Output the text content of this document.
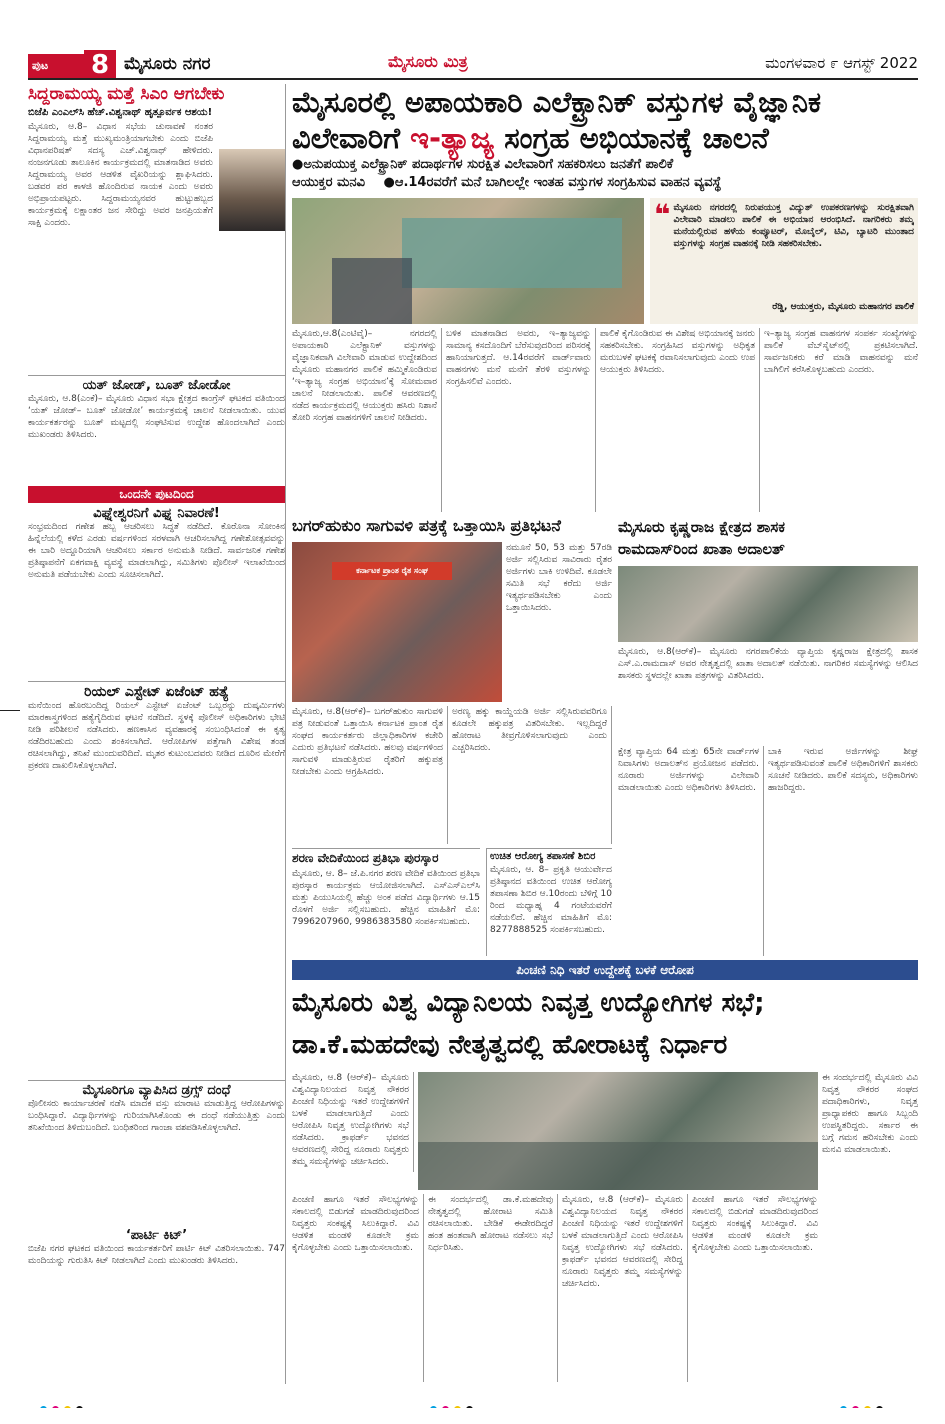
ಪುಟ	8 ಮೈಸೂರು ನಗರ	ಮೈಸೂರು ಮಿತ್ರ	ಮಂಗಳವಾರ ೯ ಆಗಸ್ಟ್ 2022
ಸಿದ್ದರಾಮಯ್ಯ ಮತ್ತೆ ಸಿಎಂ ಆಗಬೇಕು
ಬಿಜೆಪಿ ಎಂಎಲ್‌ಸಿ ಹೆಚ್.ವಿಶ್ವನಾಥ್ ಹೃತ್ಪೂರ್ವಕ ಆಶಯ!
ಮೈಸೂರು, ಆ.8– ವಿಧಾನ ಸಭೆಯ ಚುನಾವಣೆ ನಂತರ ಸಿದ್ದರಾಮಯ್ಯ ಮತ್ತೆ ಮುಖ್ಯಮಂತ್ರಿಯಾಗಬೇಕು ಎಂದು ಬಿಜೆಪಿ ವಿಧಾನಪರಿಷತ್ ಸದಸ್ಯ ಎಚ್.ವಿಶ್ವನಾಥ್ ಹೇಳಿದರು. ನಂಜನಗೂಡು ತಾಲೂಕಿನ ಕಾರ್ಯಕ್ರಮದಲ್ಲಿ ಮಾತನಾಡಿದ ಅವರು ಸಿದ್ದರಾಮಯ್ಯ ಅವರ ಆಡಳಿತ ವೈಖರಿಯನ್ನು ಶ್ಲಾಘಿಸಿದರು. ಬಡವರ ಪರ ಕಾಳಜಿ ಹೊಂದಿರುವ ನಾಯಕ ಎಂದು ಅವರು ಅಭಿಪ್ರಾಯಪಟ್ಟರು. ಸಿದ್ದರಾಮಯ್ಯನವರ ಹುಟ್ಟುಹಬ್ಬದ ಕಾರ್ಯಕ್ರಮಕ್ಕೆ ಲಕ್ಷಾಂತರ ಜನ ಸೇರಿದ್ದು ಅವರ ಜನಪ್ರಿಯತೆಗೆ ಸಾಕ್ಷಿ ಎಂದರು.
ಯತ್ ಜೋಡ್, ಬೂತ್ ಜೋಡೋ
ಮೈಸೂರು, ಆ.8(ಎಂಕೆ)– ಮೈಸೂರು ವಿಧಾನ ಸಭಾ ಕ್ಷೇತ್ರದ ಕಾಂಗ್ರೆಸ್ ಘಟಕದ ವತಿಯಿಂದ ‘ಯತ್ ಜೋಡ್– ಬೂತ್ ಜೋಡೋ’ ಕಾರ್ಯಕ್ರಮಕ್ಕೆ ಚಾಲನೆ ನೀಡಲಾಯಿತು. ಯುವ ಕಾರ್ಯಕರ್ತರನ್ನು ಬೂತ್ ಮಟ್ಟದಲ್ಲಿ ಸಂಘಟಿಸುವ ಉದ್ದೇಶ ಹೊಂದಲಾಗಿದೆ ಎಂದು ಮುಖಂಡರು ತಿಳಿಸಿದರು.
ಒಂದನೇ ಪುಟದಿಂದ
ವಿಘ್ನೇಶ್ವರನಿಗೆ ವಿಘ್ನ ನಿವಾರಣೆ!
ಸಂಭ್ರಮದಿಂದ ಗಣೇಶ ಹಬ್ಬ ಆಚರಿಸಲು ಸಿದ್ಧತೆ ನಡೆದಿದೆ. ಕೊರೊನಾ ಸೋಂಕಿನ ಹಿನ್ನೆಲೆಯಲ್ಲಿ ಕಳೆದ ಎರಡು ವರ್ಷಗಳಿಂದ ಸರಳವಾಗಿ ಆಚರಿಸಲಾಗಿದ್ದ ಗಣೇಶೋತ್ಸವವನ್ನು ಈ ಬಾರಿ ಅದ್ದೂರಿಯಾಗಿ ಆಚರಿಸಲು ಸರ್ಕಾರ ಅನುಮತಿ ನೀಡಿದೆ. ಸಾರ್ವಜನಿಕ ಗಣೇಶ ಪ್ರತಿಷ್ಠಾಪನೆಗೆ ಏಕಗವಾಕ್ಷಿ ವ್ಯವಸ್ಥೆ ಮಾಡಲಾಗಿದ್ದು, ಸಮಿತಿಗಳು ಪೊಲೀಸ್ ಇಲಾಖೆಯಿಂದ ಅನುಮತಿ ಪಡೆಯಬೇಕು ಎಂದು ಸೂಚಿಸಲಾಗಿದೆ.
ರಿಯಲ್ ಎಸ್ಟೇಟ್ ಏಜೆಂಟ್ ಹತ್ಯೆ
ಮನೆಯಿಂದ ಹೊರಬಂದಿದ್ದ ರಿಯಲ್ ಎಸ್ಟೇಟ್ ಏಜೆಂಟ್ ಒಬ್ಬರನ್ನು ದುಷ್ಕರ್ಮಿಗಳು ಮಾರಕಾಸ್ತ್ರಗಳಿಂದ ಹತ್ಯೆಗೈದಿರುವ ಘಟನೆ ನಡೆದಿದೆ. ಸ್ಥಳಕ್ಕೆ ಪೊಲೀಸ್ ಅಧಿಕಾರಿಗಳು ಭೇಟಿ ನೀಡಿ ಪರಿಶೀಲನೆ ನಡೆಸಿದರು. ಹಣಕಾಸಿನ ವ್ಯವಹಾರಕ್ಕೆ ಸಂಬಂಧಿಸಿದಂತೆ ಈ ಕೃತ್ಯ ನಡೆದಿರಬಹುದು ಎಂದು ಶಂಕಿಸಲಾಗಿದೆ. ಆರೋಪಿಗಳ ಪತ್ತೆಗಾಗಿ ವಿಶೇಷ ತಂಡ ರಚಿಸಲಾಗಿದ್ದು, ತನಿಖೆ ಮುಂದುವರಿದಿದೆ. ಮೃತರ ಕುಟುಂಬದವರು ನೀಡಿದ ದೂರಿನ ಮೇರೆಗೆ ಪ್ರಕರಣ ದಾಖಲಿಸಿಕೊಳ್ಳಲಾಗಿದೆ.
ಮೈಸೂರಿಗೂ ವ್ಯಾಪಿಸಿದ ಡ್ರಗ್ಸ್ ದಂಧೆ
ಪೊಲೀಸರು ಕಾರ್ಯಾಚರಣೆ ನಡೆಸಿ ಮಾದಕ ವಸ್ತು ಮಾರಾಟ ಮಾಡುತ್ತಿದ್ದ ಆರೋಪಿಗಳನ್ನು ಬಂಧಿಸಿದ್ದಾರೆ. ವಿದ್ಯಾರ್ಥಿಗಳನ್ನು ಗುರಿಯಾಗಿಸಿಕೊಂಡು ಈ ದಂಧೆ ನಡೆಯುತ್ತಿತ್ತು ಎಂದು ತನಿಖೆಯಿಂದ ತಿಳಿದುಬಂದಿದೆ. ಬಂಧಿತರಿಂದ ಗಾಂಜಾ ವಶಪಡಿಸಿಕೊಳ್ಳಲಾಗಿದೆ.
‘ಪಾರ್ಟಿ ಕಿಟ್’
ಬಿಜೆಪಿ ನಗರ ಘಟಕದ ವತಿಯಿಂದ ಕಾರ್ಯಕರ್ತರಿಗೆ ಪಾರ್ಟಿ ಕಿಟ್ ವಿತರಿಸಲಾಯಿತು. 747 ಮಂದಿಯನ್ನು ಗುರುತಿಸಿ ಕಿಟ್ ನೀಡಲಾಗಿದೆ ಎಂದು ಮುಖಂಡರು ತಿಳಿಸಿದರು.
ಮೈಸೂರಲ್ಲಿ ಅಪಾಯಕಾರಿ ಎಲೆಕ್ಟ್ರಾನಿಕ್ ವಸ್ತುಗಳ ವೈಜ್ಞಾನಿಕ
ವಿಲೇವಾರಿಗೆ ಇ-ತ್ಯಾಜ್ಯ ಸಂಗ್ರಹ ಅಭಿಯಾನಕ್ಕೆ ಚಾಲನೆ
●ಅನುಪಯುಕ್ತ ಎಲೆಕ್ಟ್ರಾನಿಕ್ ಪದಾರ್ಥಗಳ ಸುರಕ್ಷಿತ ವಿಲೇವಾರಿಗೆ ಸಹಕರಿಸಲು ಜನತೆಗೆ ಪಾಲಿಕೆ
ಆಯುಕ್ತರ ಮನವಿ ●ಆ.14ರವರೆಗೆ ಮನೆ ಬಾಗಿಲಲ್ಲೇ ಇಂತಹ ವಸ್ತುಗಳ ಸಂಗ್ರಹಿಸುವ ವಾಹನ ವ್ಯವಸ್ಥೆ
❝ ಮೈಸೂರು ನಗರದಲ್ಲಿ ನಿರುಪಯುಕ್ತ ವಿದ್ಯುತ್ ಉಪಕರಣಗಳನ್ನು ಸುರಕ್ಷಿತವಾಗಿ ವಿಲೇವಾರಿ ಮಾಡಲು ಪಾಲಿಕೆ ಈ ಅಭಿಯಾನ ಆರಂಭಿಸಿದೆ. ನಾಗರಿಕರು ತಮ್ಮ ಮನೆಯಲ್ಲಿರುವ ಹಳೆಯ ಕಂಪ್ಯೂಟರ್, ಮೊಬೈಲ್, ಟಿವಿ, ಬ್ಯಾಟರಿ ಮುಂತಾದ ವಸ್ತುಗಳನ್ನು ಸಂಗ್ರಹ ವಾಹನಕ್ಕೆ ನೀಡಿ ಸಹಕರಿಸಬೇಕು.
ರೆಡ್ಡಿ, ಆಯುಕ್ತರು, ಮೈಸೂರು ಮಹಾನಗರ ಪಾಲಿಕೆ
ಮೈಸೂರು,ಆ.8(ಎಂಟಿವೈ)– ನಗರದಲ್ಲಿ ಅಪಾಯಕಾರಿ ಎಲೆಕ್ಟ್ರಾನಿಕ್ ವಸ್ತುಗಳನ್ನು ವೈಜ್ಞಾನಿಕವಾಗಿ ವಿಲೇವಾರಿ ಮಾಡುವ ಉದ್ದೇಶದಿಂದ ಮೈಸೂರು ಮಹಾನಗರ ಪಾಲಿಕೆ ಹಮ್ಮಿಕೊಂಡಿರುವ ‘ಇ–ತ್ಯಾಜ್ಯ ಸಂಗ್ರಹ ಅಭಿಯಾನ’ಕ್ಕೆ ಸೋಮವಾರ ಚಾಲನೆ ನೀಡಲಾಯಿತು. ಪಾಲಿಕೆ ಆವರಣದಲ್ಲಿ ನಡೆದ ಕಾರ್ಯಕ್ರಮದಲ್ಲಿ ಆಯುಕ್ತರು ಹಸಿರು ನಿಶಾನೆ ತೋರಿ ಸಂಗ್ರಹ ವಾಹನಗಳಿಗೆ ಚಾಲನೆ ನೀಡಿದರು.
ಬಳಿಕ ಮಾತನಾಡಿದ ಅವರು, ಇ–ತ್ಯಾಜ್ಯವನ್ನು ಸಾಮಾನ್ಯ ಕಸದೊಂದಿಗೆ ಬೆರೆಸುವುದರಿಂದ ಪರಿಸರಕ್ಕೆ ಹಾನಿಯಾಗುತ್ತದೆ. ಆ.14ರವರೆಗೆ ವಾರ್ಡ್‌ವಾರು ವಾಹನಗಳು ಮನೆ ಮನೆಗೆ ತೆರಳಿ ವಸ್ತುಗಳನ್ನು ಸಂಗ್ರಹಿಸಲಿವೆ ಎಂದರು.
ಪಾಲಿಕೆ ಕೈಗೊಂಡಿರುವ ಈ ವಿಶೇಷ ಅಭಿಯಾನಕ್ಕೆ ಜನರು ಸಹಕರಿಸಬೇಕು. ಸಂಗ್ರಹಿಸಿದ ವಸ್ತುಗಳನ್ನು ಅಧಿಕೃತ ಮರುಬಳಕೆ ಘಟಕಕ್ಕೆ ರವಾನಿಸಲಾಗುವುದು ಎಂದು ಉಪ ಆಯುಕ್ತರು ತಿಳಿಸಿದರು.
ಇ–ತ್ಯಾಜ್ಯ ಸಂಗ್ರಹ ವಾಹನಗಳ ಸಂಪರ್ಕ ಸಂಖ್ಯೆಗಳನ್ನು ಪಾಲಿಕೆ ವೆಬ್‌ಸೈಟ್‌ನಲ್ಲಿ ಪ್ರಕಟಿಸಲಾಗಿದೆ. ಸಾರ್ವಜನಿಕರು ಕರೆ ಮಾಡಿ ವಾಹನವನ್ನು ಮನೆ ಬಾಗಿಲಿಗೆ ಕರೆಸಿಕೊಳ್ಳಬಹುದು ಎಂದರು.
ಬಗರ್‌ಹುಕುಂ ಸಾಗುವಳಿ ಪತ್ರಕ್ಕೆ ಒತ್ತಾಯಿಸಿ ಪ್ರತಿಭಟನೆ
ಕರ್ನಾಟಕ ಪ್ರಾಂತ ರೈತ ಸಂಘ
ನಮೂನೆ 50, 53 ಮತ್ತು 57ರಡಿ ಅರ್ಜಿ ಸಲ್ಲಿಸಿರುವ ಸಾವಿರಾರು ರೈತರ ಅರ್ಜಿಗಳು ಬಾಕಿ ಉಳಿದಿವೆ. ಕೂಡಲೇ ಸಮಿತಿ ಸಭೆ ಕರೆದು ಅರ್ಜಿ ಇತ್ಯರ್ಥಪಡಿಸಬೇಕು ಎಂದು ಒತ್ತಾಯಿಸಿದರು.
ಮೈಸೂರು, ಆ.8(ಆರ್‌ಕೆ)– ಬಗರ್‌ಹುಕುಂ ಸಾಗುವಳಿ ಪತ್ರ ನೀಡುವಂತೆ ಒತ್ತಾಯಿಸಿ ಕರ್ನಾಟಕ ಪ್ರಾಂತ ರೈತ ಸಂಘದ ಕಾರ್ಯಕರ್ತರು ಜಿಲ್ಲಾಧಿಕಾರಿಗಳ ಕಚೇರಿ ಎದುರು ಪ್ರತಿಭಟನೆ ನಡೆಸಿದರು. ಹಲವು ವರ್ಷಗಳಿಂದ ಸಾಗುವಳಿ ಮಾಡುತ್ತಿರುವ ರೈತರಿಗೆ ಹಕ್ಕುಪತ್ರ ನೀಡಬೇಕು ಎಂದು ಆಗ್ರಹಿಸಿದರು.
ಅರಣ್ಯ ಹಕ್ಕು ಕಾಯ್ದೆಯಡಿ ಅರ್ಜಿ ಸಲ್ಲಿಸಿರುವವರಿಗೂ ಕೂಡಲೇ ಹಕ್ಕುಪತ್ರ ವಿತರಿಸಬೇಕು. ಇಲ್ಲದಿದ್ದರೆ ಹೋರಾಟ ತೀವ್ರಗೊಳಿಸಲಾಗುವುದು ಎಂದು ಎಚ್ಚರಿಸಿದರು.
ಮೈಸೂರು ಕೃಷ್ಣರಾಜ ಕ್ಷೇತ್ರದ ಶಾಸಕ
ರಾಮದಾಸ್‌ರಿಂದ ಖಾತಾ ಅದಾಲತ್
ಮೈಸೂರು, ಆ.8(ಆರ್‌ಕೆ)– ಮೈಸೂರು ನಗರಪಾಲಿಕೆಯ ವ್ಯಾಪ್ತಿಯ ಕೃಷ್ಣರಾಜ ಕ್ಷೇತ್ರದಲ್ಲಿ ಶಾಸಕ ಎಸ್.ಎ.ರಾಮದಾಸ್ ಅವರ ನೇತೃತ್ವದಲ್ಲಿ ಖಾತಾ ಅದಾಲತ್ ನಡೆಯಿತು. ನಾಗರಿಕರ ಸಮಸ್ಯೆಗಳನ್ನು ಆಲಿಸಿದ ಶಾಸಕರು ಸ್ಥಳದಲ್ಲೇ ಖಾತಾ ಪತ್ರಗಳನ್ನು ವಿತರಿಸಿದರು.
ಕ್ಷೇತ್ರ ವ್ಯಾಪ್ತಿಯ 64 ಮತ್ತು 65ನೇ ವಾರ್ಡ್‌ಗಳ ನಿವಾಸಿಗಳು ಅದಾಲತ್‌ನ ಪ್ರಯೋಜನ ಪಡೆದರು. ನೂರಾರು ಅರ್ಜಿಗಳನ್ನು ವಿಲೇವಾರಿ ಮಾಡಲಾಯಿತು ಎಂದು ಅಧಿಕಾರಿಗಳು ತಿಳಿಸಿದರು.
ಬಾಕಿ ಇರುವ ಅರ್ಜಿಗಳನ್ನು ಶೀಘ್ರ ಇತ್ಯರ್ಥಪಡಿಸುವಂತೆ ಪಾಲಿಕೆ ಅಧಿಕಾರಿಗಳಿಗೆ ಶಾಸಕರು ಸೂಚನೆ ನೀಡಿದರು. ಪಾಲಿಕೆ ಸದಸ್ಯರು, ಅಧಿಕಾರಿಗಳು ಹಾಜರಿದ್ದರು.
ಶರಣ ವೇದಿಕೆಯಿಂದ ಪ್ರತಿಭಾ ಪುರಸ್ಕಾರ
ಮೈಸೂರು, ಆ. 8– ಜೆ.ಪಿ.ನಗರ ಶರಣ ವೇದಿಕೆ ವತಿಯಿಂದ ಪ್ರತಿಭಾ ಪುರಸ್ಕಾರ ಕಾರ್ಯಕ್ರಮ ಆಯೋಜಿಸಲಾಗಿದೆ. ಎಸ್‌ಎಸ್‌ಎಲ್‌ಸಿ ಮತ್ತು ಪಿಯುಸಿಯಲ್ಲಿ ಹೆಚ್ಚು ಅಂಕ ಪಡೆದ ವಿದ್ಯಾರ್ಥಿಗಳು ಆ.15 ರೊಳಗೆ ಅರ್ಜಿ ಸಲ್ಲಿಸಬಹುದು. ಹೆಚ್ಚಿನ ಮಾಹಿತಿಗೆ ಮೊ: 7996207960, 9986383580 ಸಂಪರ್ಕಿಸಬಹುದು.
ಉಚಿತ ಆರೋಗ್ಯ ತಪಾಸಣೆ ಶಿಬಿರ
ಮೈಸೂರು, ಆ. 8– ಪ್ರಕೃತಿ ಆಯುರ್ವೇದ ಪ್ರತಿಷ್ಠಾನದ ವತಿಯಿಂದ ಉಚಿತ ಆರೋಗ್ಯ ತಪಾಸಣಾ ಶಿಬಿರ ಆ.10ರಂದು ಬೆಳಿಗ್ಗೆ 10 ರಿಂದ ಮಧ್ಯಾಹ್ನ 4 ಗಂಟೆಯವರೆಗೆ ನಡೆಯಲಿದೆ. ಹೆಚ್ಚಿನ ಮಾಹಿತಿಗೆ ಮೊ: 8277888525 ಸಂಪರ್ಕಿಸಬಹುದು.
ಪಿಂಚಣಿ ನಿಧಿ ಇತರೆ ಉದ್ದೇಶಕ್ಕೆ ಬಳಕೆ ಆರೋಪ
ಮೈಸೂರು ವಿಶ್ವ ವಿದ್ಯಾನಿಲಯ ನಿವೃತ್ತ ಉದ್ಯೋಗಿಗಳ ಸಭೆ;
ಡಾ.ಕೆ.ಮಹದೇವು ನೇತೃತ್ವದಲ್ಲಿ ಹೋರಾಟಕ್ಕೆ ನಿರ್ಧಾರ
ಮೈಸೂರು, ಆ.8 (ಆರ್‌ಕೆ)– ಮೈಸೂರು ವಿಶ್ವವಿದ್ಯಾನಿಲಯದ ನಿವೃತ್ತ ನೌಕರರ ಪಿಂಚಣಿ ನಿಧಿಯನ್ನು ಇತರೆ ಉದ್ದೇಶಗಳಿಗೆ ಬಳಕೆ ಮಾಡಲಾಗುತ್ತಿದೆ ಎಂದು ಆರೋಪಿಸಿ ನಿವೃತ್ತ ಉದ್ಯೋಗಿಗಳು ಸಭೆ ನಡೆಸಿದರು. ಕ್ರಾಫರ್ಡ್ ಭವನದ ಆವರಣದಲ್ಲಿ ಸೇರಿದ್ದ ನೂರಾರು ನಿವೃತ್ತರು ತಮ್ಮ ಸಮಸ್ಯೆಗಳನ್ನು ಚರ್ಚಿಸಿದರು.
ಈ ಸಂದರ್ಭದಲ್ಲಿ ಮೈಸೂರು ವಿವಿ ನಿವೃತ್ತ ನೌಕರರ ಸಂಘದ ಪದಾಧಿಕಾರಿಗಳು, ನಿವೃತ್ತ ಪ್ರಾಧ್ಯಾಪಕರು ಹಾಗೂ ಸಿಬ್ಬಂದಿ ಉಪಸ್ಥಿತರಿದ್ದರು. ಸರ್ಕಾರ ಈ ಬಗ್ಗೆ ಗಮನ ಹರಿಸಬೇಕು ಎಂದು ಮನವಿ ಮಾಡಲಾಯಿತು.
ಪಿಂಚಣಿ ಹಾಗೂ ಇತರೆ ಸೌಲಭ್ಯಗಳನ್ನು ಸಕಾಲದಲ್ಲಿ ಬಿಡುಗಡೆ ಮಾಡದಿರುವುದರಿಂದ ನಿವೃತ್ತರು ಸಂಕಷ್ಟಕ್ಕೆ ಸಿಲುಕಿದ್ದಾರೆ. ವಿವಿ ಆಡಳಿತ ಮಂಡಳಿ ಕೂಡಲೇ ಕ್ರಮ ಕೈಗೊಳ್ಳಬೇಕು ಎಂದು ಒತ್ತಾಯಿಸಲಾಯಿತು.
ಈ ಸಂದರ್ಭದಲ್ಲಿ ಡಾ.ಕೆ.ಮಹದೇವು ನೇತೃತ್ವದಲ್ಲಿ ಹೋರಾಟ ಸಮಿತಿ ರಚಿಸಲಾಯಿತು. ಬೇಡಿಕೆ ಈಡೇರದಿದ್ದರೆ ಹಂತ ಹಂತವಾಗಿ ಹೋರಾಟ ನಡೆಸಲು ಸಭೆ ನಿರ್ಧರಿಸಿತು.
ಮೈಸೂರು, ಆ.8 (ಆರ್‌ಕೆ)– ಮೈಸೂರು ವಿಶ್ವವಿದ್ಯಾನಿಲಯದ ನಿವೃತ್ತ ನೌಕರರ ಪಿಂಚಣಿ ನಿಧಿಯನ್ನು ಇತರೆ ಉದ್ದೇಶಗಳಿಗೆ ಬಳಕೆ ಮಾಡಲಾಗುತ್ತಿದೆ ಎಂದು ಆರೋಪಿಸಿ ನಿವೃತ್ತ ಉದ್ಯೋಗಿಗಳು ಸಭೆ ನಡೆಸಿದರು. ಕ್ರಾಫರ್ಡ್ ಭವನದ ಆವರಣದಲ್ಲಿ ಸೇರಿದ್ದ ನೂರಾರು ನಿವೃತ್ತರು ತಮ್ಮ ಸಮಸ್ಯೆಗಳನ್ನು ಚರ್ಚಿಸಿದರು.
ಪಿಂಚಣಿ ಹಾಗೂ ಇತರೆ ಸೌಲಭ್ಯಗಳನ್ನು ಸಕಾಲದಲ್ಲಿ ಬಿಡುಗಡೆ ಮಾಡದಿರುವುದರಿಂದ ನಿವೃತ್ತರು ಸಂಕಷ್ಟಕ್ಕೆ ಸಿಲುಕಿದ್ದಾರೆ. ವಿವಿ ಆಡಳಿತ ಮಂಡಳಿ ಕೂಡಲೇ ಕ್ರಮ ಕೈಗೊಳ್ಳಬೇಕು ಎಂದು ಒತ್ತಾಯಿಸಲಾಯಿತು.
